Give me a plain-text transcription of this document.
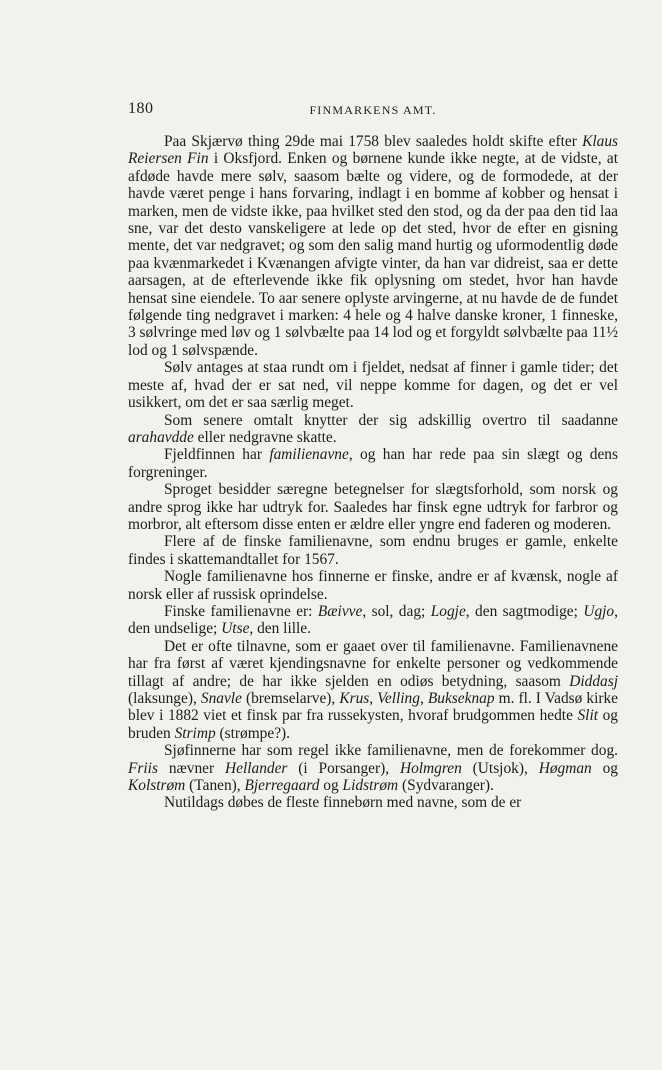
180	FINMARKENS AMT.

Paa Skjærvø thing 29de mai 1758 blev saaledes holdt skifte efter Klaus Reiersen Fin i Oksfjord. Enken og børnene kunde ikke negte, at de vidste, at afdøde havde mere sølv, saasom bælte og videre, og de formodede, at der havde været penge i hans forvaring, indlagt i en bomme af kobber og hensat i marken, men de vidste ikke, paa hvilket sted den stod, og da der paa den tid laa sne, var det desto vanskeligere at lede op det sted, hvor de efter en gisning mente, det var nedgravet; og som den salig mand hurtig og uformodentlig døde paa kvænmarkedet i Kvænangen afvigte vinter, da han var didreist, saa er dette aarsagen, at de efterlevende ikke fik oplysning om stedet, hvor han havde hensat sine eiendele. To aar senere oplyste arvingerne, at nu havde de de fundet følgende ting nedgravet i marken: 4 hele og 4 halve danske kroner, 1 finneske, 3 sølvringe med løv og 1 sølvbælte paa 14 lod og et forgyldt sølvbælte paa 11½ lod og 1 sølvspænde.

Sølv antages at staa rundt om i fjeldet, nedsat af finner i gamle tider; det meste af, hvad der er sat ned, vil neppe komme for dagen, og det er vel usikkert, om det er saa særlig meget.

Som senere omtalt knytter der sig adskillig overtro til saadanne arahavdde eller nedgravne skatte.

Fjeldfinnen har familienavne, og han har rede paa sin slægt og dens forgreninger.

Sproget besidder særegne betegnelser for slægtsforhold, som norsk og andre sprog ikke har udtryk for. Saaledes har finsk egne udtryk for farbror og morbror, alt eftersom disse enten er ældre eller yngre end faderen og moderen.

Flere af de finske familienavne, som endnu bruges er gamle, enkelte findes i skattemandtallet for 1567.

Nogle familienavne hos finnerne er finske, andre er af kvænsk, nogle af norsk eller af russisk oprindelse.

Finske familienavne er: Bæivve, sol, dag; Logje, den sagtmodige; Ugjo, den undselige; Utse, den lille.

Det er ofte tilnavne, som er gaaet over til familienavne. Familienavnene har fra først af været kjendingsnavne for enkelte personer og vedkommende tillagt af andre; de har ikke sjelden en odiøs betydning, saasom Diddasj (laksunge), Snavle (bremselarve), Krus, Velling, Bukseknap m. fl. I Vadsø kirke blev i 1882 viet et finsk par fra russekysten, hvoraf brudgommen hedte Slit og bruden Strimp (strømpe?).

Sjøfinnerne har som regel ikke familienavne, men de forekommer dog. Friis nævner Hellander (i Porsanger), Holmgren (Utsjok), Høgman og Kolstrøm (Tanen), Bjerregaard og Lidstrøm (Sydvaranger).

Nutildags døbes de fleste finnebørn med navne, som de er
